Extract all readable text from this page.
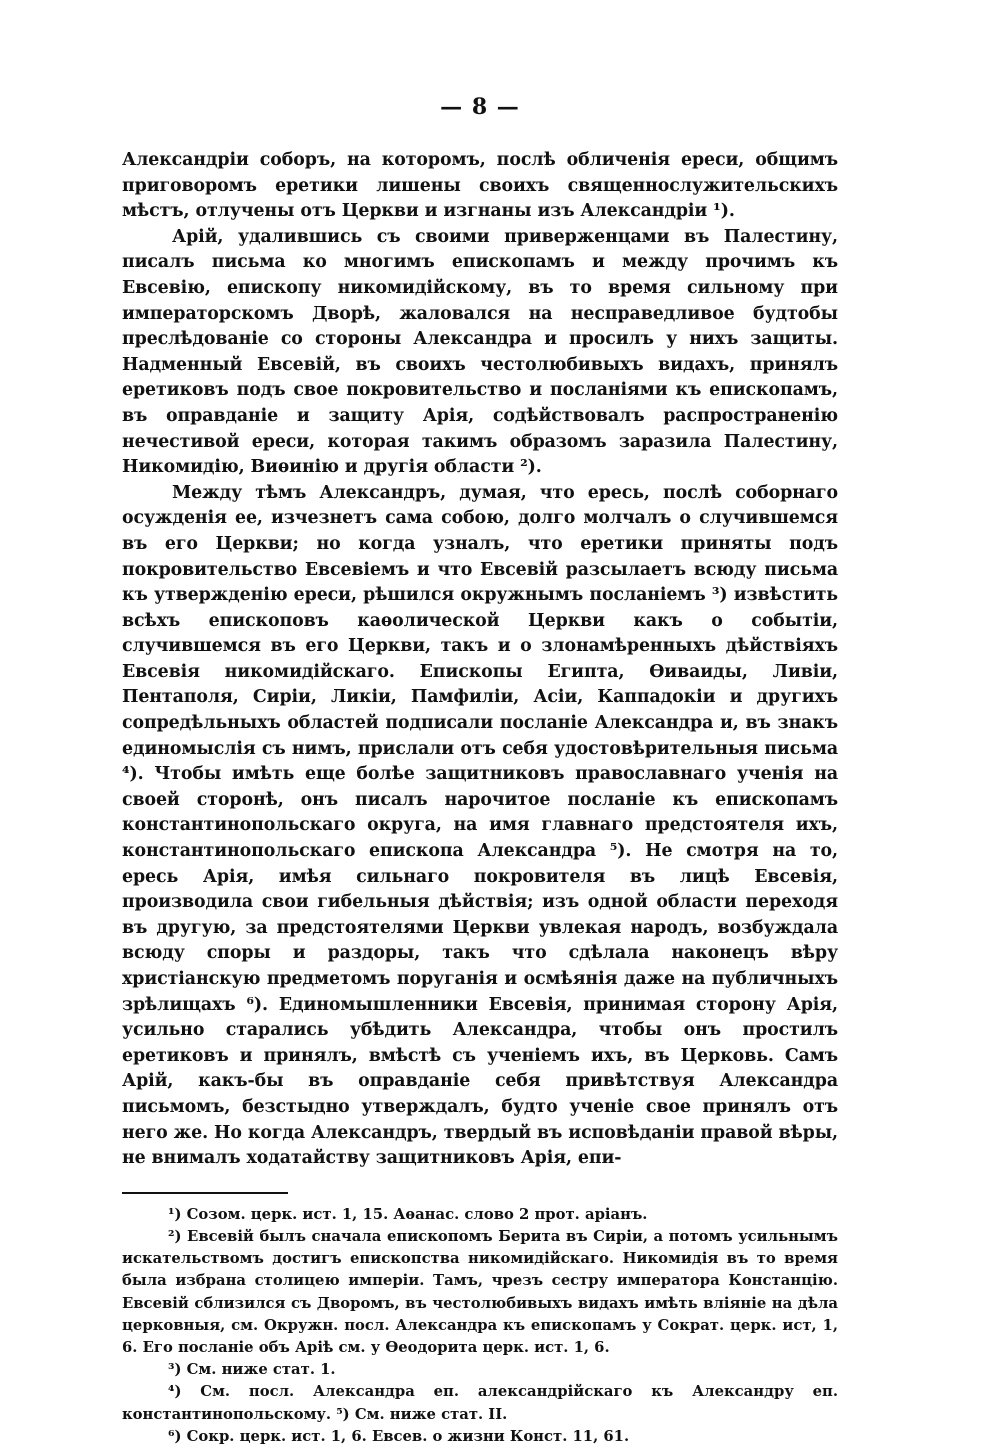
— 8 —

Александріи соборъ, на которомъ, послѣ обличенія ереси, общимъ приговоромъ еретики лишены своихъ священнослужительскихъ мѣстъ, отлучены отъ Церкви и изгнаны изъ Александріи ¹).

Арій, удалившись съ своими приверженцами въ Палестину, писалъ письма ко многимъ епископамъ и между прочимъ къ Евсевію, епископу никомидійскому, въ то время сильному при императорскомъ Дворѣ, жаловался на несправедливое будтобы преслѣдованіе со стороны Александра и просилъ у нихъ защиты. Надменный Евсевій, въ своихъ честолюбивыхъ видахъ, принялъ еретиковъ подъ свое покровительство и посланіями къ епископамъ, въ оправданіе и защиту Арія, содѣйствовалъ распространенію нечестивой ереси, которая такимъ образомъ заразила Палестину, Никомидію, Виѳинію и другія области ²).

Между тѣмъ Александръ, думая, что ересь, послѣ соборнаго осужденія ее, изчезнетъ сама собою, долго молчалъ о случившемся въ его Церкви; но когда узналъ, что еретики приняты подъ покровительство Евсевіемъ и что Евсевій разсылаетъ всюду письма къ утвержденію ереси, рѣшился окружнымъ посланіемъ ³) извѣстить всѣхъ епископовъ каѳолической Церкви какъ о событіи, случившемся въ его Церкви, такъ и о злонамѣренныхъ дѣйствіяхъ Евсевія никомидійскаго. Епископы Египта, Ѳиваиды, Ливіи, Пентаполя, Сиріи, Ликіи, Памфиліи, Асіи, Каппадокіи и другихъ сопредѣльныхъ областей подписали посланіе Александра и, въ знакъ единомыслія съ нимъ, прислали отъ себя удостовѣрительныя письма ⁴). Чтобы имѣть еще болѣе защитниковъ православнаго ученія на своей сторонѣ, онъ писалъ нарочитое посланіе къ епископамъ константинопольскаго округа, на имя главнаго предстоятеля ихъ, константинопольскаго епископа Александра ⁵). Не смотря на то, ересь Арія, имѣя сильнаго покровителя въ лицѣ Евсевія, производила свои гибельныя дѣйствія; изъ одной области переходя въ другую, за предстоятелями Церкви увлекая народъ, возбуждала всюду споры и раздоры, такъ что сдѣлала наконецъ вѣру христіанскую предметомъ поруганія и осмѣянія даже на публичныхъ зрѣлищахъ ⁶). Единомышленники Евсевія, принимая сторону Арія, усильно старались убѣдить Александра, чтобы онъ простилъ еретиковъ и принялъ, вмѣстѣ съ ученіемъ ихъ, въ Церковь. Самъ Арій, какъ-бы въ оправданіе себя привѣтствуя Александра письмомъ, безстыдно утверждалъ, будто ученіе свое принялъ отъ него же. Но когда Александръ, твердый въ исповѣданіи правой вѣры, не внималъ ходатайству защитниковъ Арія, епи-

¹) Созом. церк. ист. 1, 15. Аѳанас. слово 2 прот. аріанъ.

²) Евсевій былъ сначала епископомъ Берита въ Сиріи, а потомъ усильнымъ искательствомъ достигъ епископства никомидійскаго. Никомидія въ то время была избрана столицею имперіи. Тамъ, чрезъ сестру императора Констанцію. Евсевій сблизился съ Дворомъ, въ честолюбивыхъ видахъ имѣть вліяніе на дѣла церковныя, см. Окружн. посл. Александра къ епископамъ у Сократ. церк. ист, 1, 6. Его посланіе объ Аріѣ см. у Ѳеодорита церк. ист. 1, 6.

³) См. ниже стат. 1.

⁴) См. посл. Александра еп. александрійскаго къ Александру еп. константинопольскому. ⁵) См. ниже стат. II.

⁶) Сокр. церк. ист. 1, 6. Евсев. о жизни Конст. 11, 61.
